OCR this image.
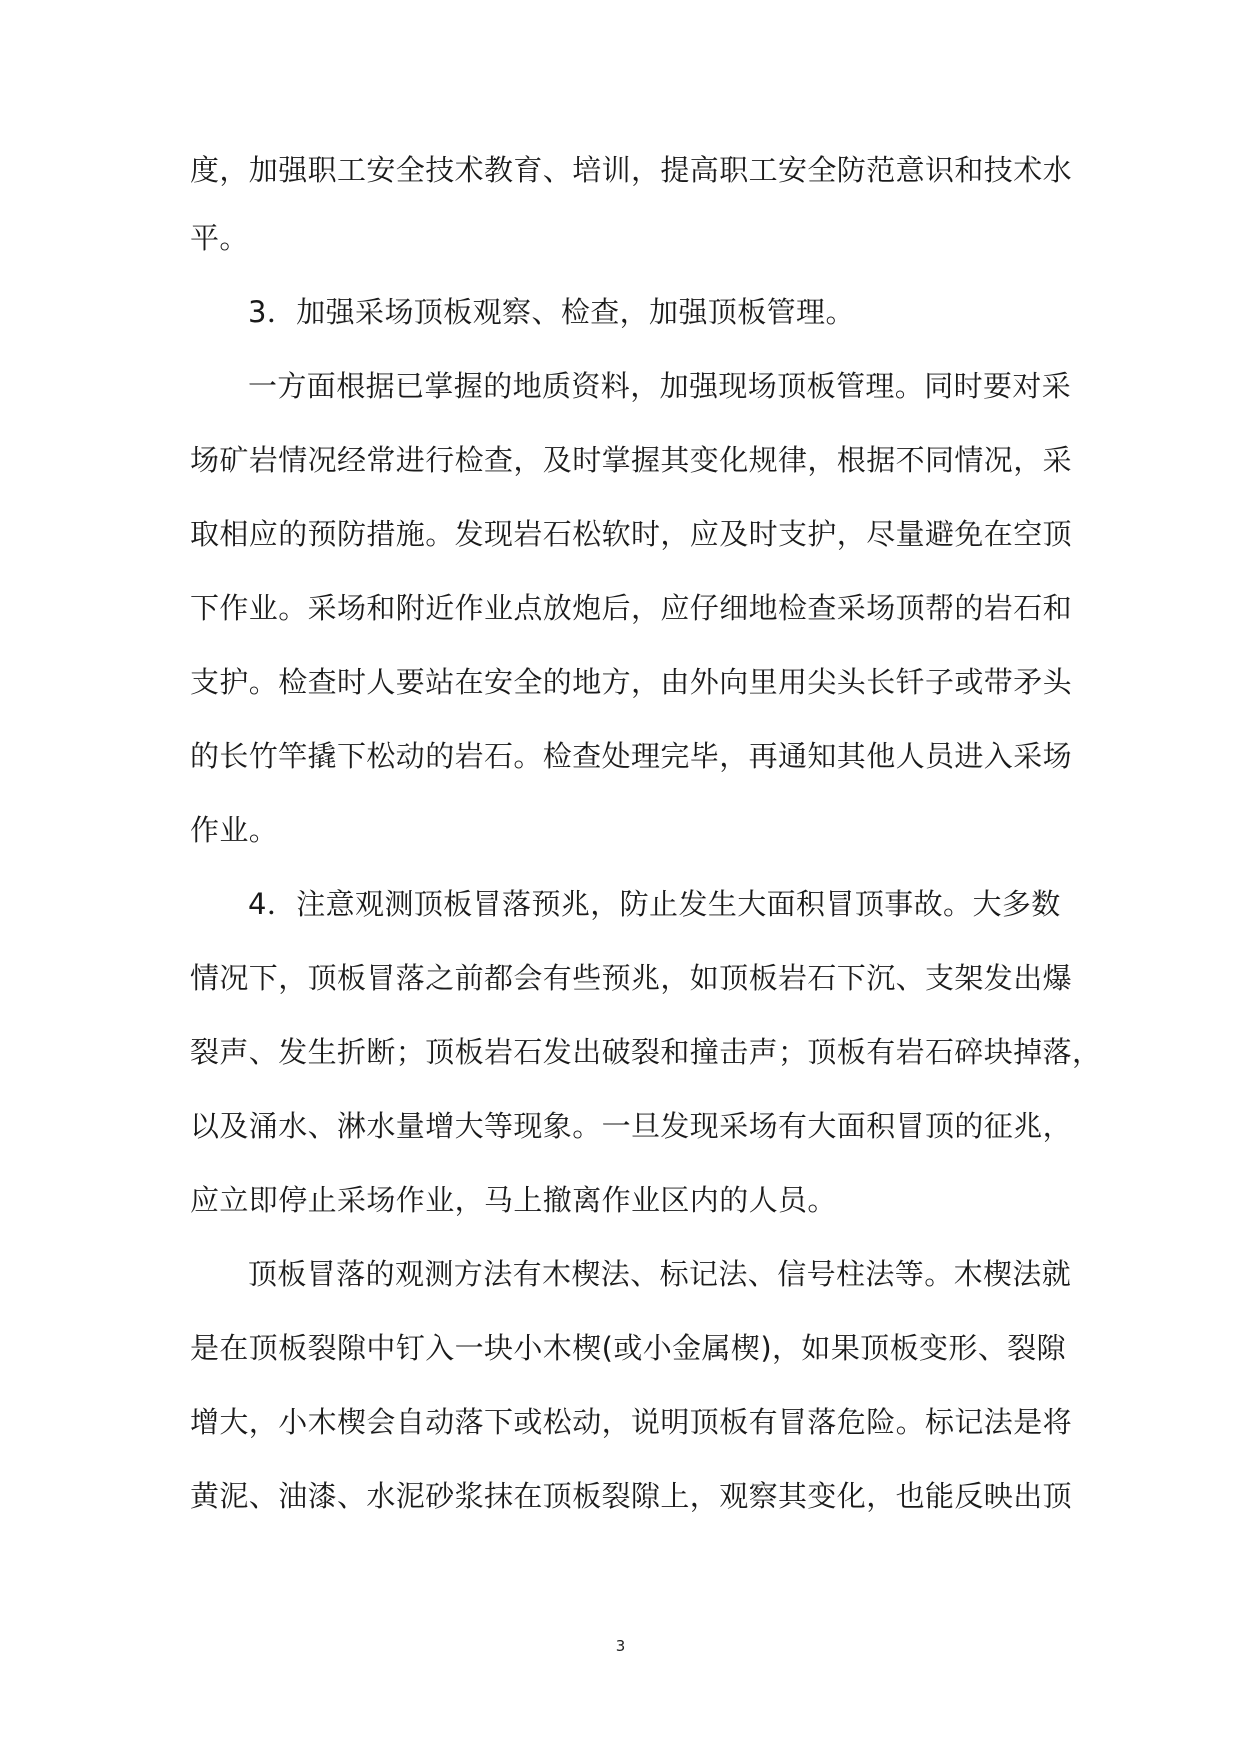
度，加强职工安全技术教育、培训，提高职工安全防范意识和技术水
平。
3．加强采场顶板观察、检查，加强顶板管理。
一方面根据已掌握的地质资料，加强现场顶板管理。同时要对采
场矿岩情况经常进行检查，及时掌握其变化规律，根据不同情况，采
取相应的预防措施。发现岩石松软时，应及时支护，尽量避免在空顶
下作业。采场和附近作业点放炮后，应仔细地检查采场顶帮的岩石和
支护。检查时人要站在安全的地方，由外向里用尖头长钎子或带矛头
的长竹竿撬下松动的岩石。检查处理完毕，再通知其他人员进入采场
作业。
4．注意观测顶板冒落预兆，防止发生大面积冒顶事故。大多数
情况下，顶板冒落之前都会有些预兆，如顶板岩石下沉、支架发出爆
裂声、发生折断；顶板岩石发出破裂和撞击声；顶板有岩石碎块掉落，
以及涌水、淋水量增大等现象。一旦发现采场有大面积冒顶的征兆，
应立即停止采场作业，马上撤离作业区内的人员。
顶板冒落的观测方法有木楔法、标记法、信号柱法等。木楔法就
是在顶板裂隙中钉入一块小木楔(或小金属楔)，如果顶板变形、裂隙
增大，小木楔会自动落下或松动，说明顶板有冒落危险。标记法是将
黄泥、油漆、水泥砂浆抹在顶板裂隙上，观察其变化，也能反映出顶
3
